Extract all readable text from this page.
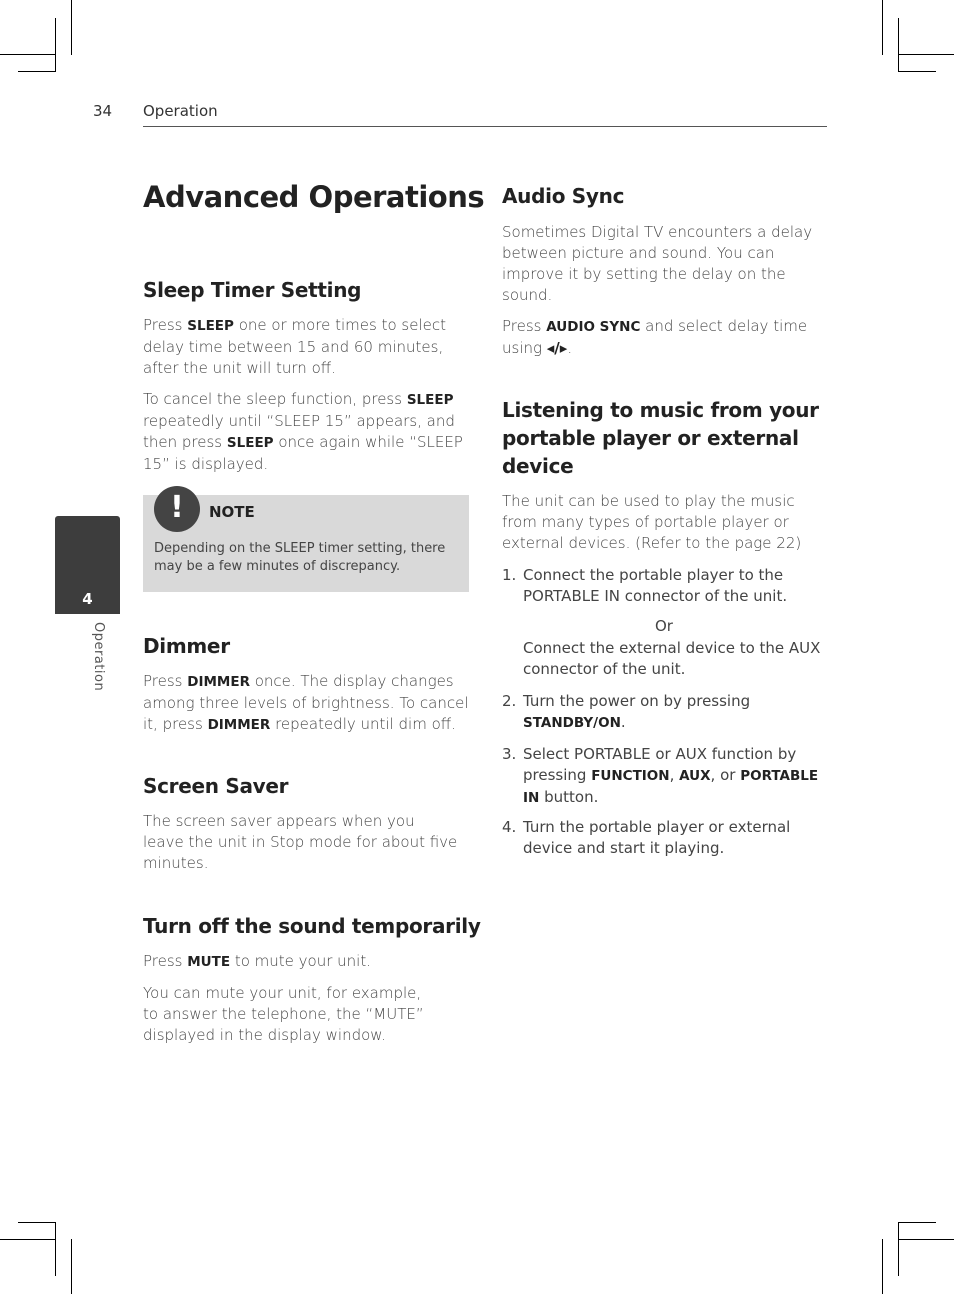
34 Operation
4
Operation
Advanced Operations
Sleep Timer Setting

Press SLEEP one or more times to select delay time between 15 and 60 minutes, after the unit will turn off.

To cancel the sleep function, press SLEEP repeatedly until “SLEEP 15” appears, and then press SLEEP once again while “SLEEP 15” is displayed.

!	NOTE
Depending on the SLEEP timer setting, there may be a few minutes of discrepancy.
Dimmer

Press DIMMER once. The display changes among three levels of brightness. To cancel it, press DIMMER repeatedly until dim off.

Screen Saver

The screen saver appears when you leave the unit in Stop mode for about five minutes.

Turn off the sound temporarily

Press MUTE to mute your unit.

You can mute your unit, for example, to answer the telephone, the “MUTE” displayed in the display window.

Audio Sync

Sometimes Digital TV encounters a delay between picture and sound. You can improve it by setting the delay on the sound.

Press AUDIO SYNC and select delay time using ◂/▸.

Listening to music from your portable player or external device

The unit can be used to play the music from many types of portable player or external devices. (Refer to the page 22)

1. Connect the portable player to the PORTABLE IN connector of the unit.
Or
Connect the external device to the AUX connector of the unit.
2. Turn the power on by pressing STANDBY/ON.
3. Select PORTABLE or AUX function by pressing FUNCTION, AUX, or PORTABLE IN button.
4. Turn the portable player or external device and start it playing.
